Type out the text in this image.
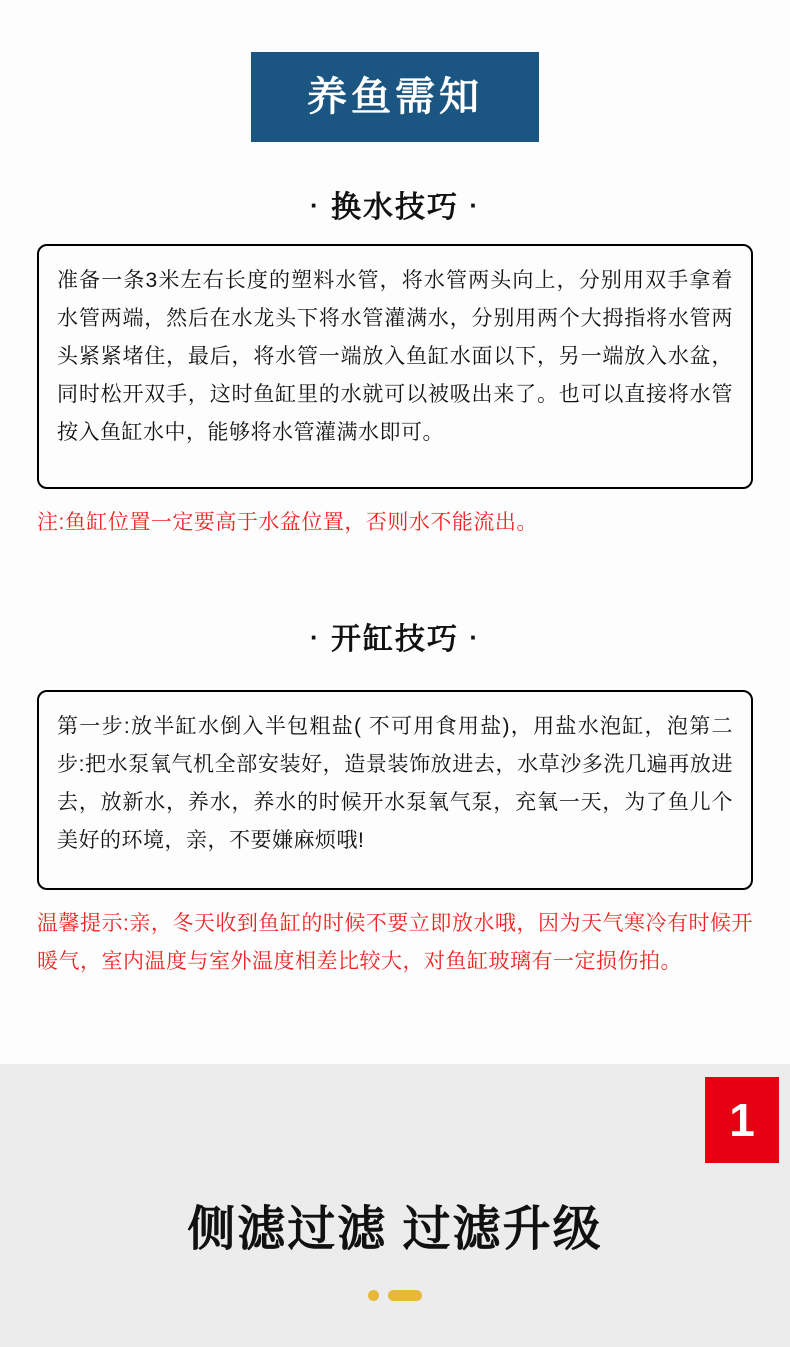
养鱼需知
· 换水技巧 ·

准备一条3米左右长度的塑料水管，将水管两头向上，分别用双手拿着水管两端，然后在水龙头下将水管灌满水，分别用两个大拇指将水管两头紧紧堵住，最后，将水管一端放入鱼缸水面以下，另一端放入水盆，同时松开双手，这时鱼缸里的水就可以被吸出来了。也可以直接将水管按入鱼缸水中，能够将水管灌满水即可。

注:鱼缸位置一定要高于水盆位置，否则水不能流出。
· 开缸技巧 ·

第一步:放半缸水倒入半包粗盐( 不可用食用盐)，用盐水泡缸，泡第二步:把水泵氧气机全部安装好，造景装饰放进去，水草沙多洗几遍再放进去，放新水，养水，养水的时候开水泵氧气泵，充氧一天，为了鱼儿个美好的环境，亲，不要嫌麻烦哦!

温馨提示:亲，冬天收到鱼缸的时候不要立即放水哦，因为天气寒冷有时候开暖气，室内温度与室外温度相差比较大，对鱼缸玻璃有一定损伤拍。
1
侧滤过滤 过滤升级
